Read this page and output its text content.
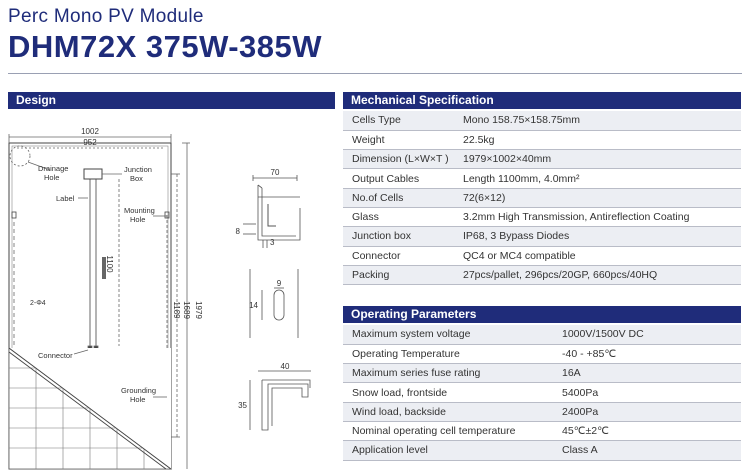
Perc Mono PV Module
DHM72X 375W-385W
Design	Mechanical Specification
Operating Parameters
Cells Type	Mono 158.75×158.75mm
Weight	22.5kg
Dimension (L×W×T )	1979×1002×40mm
Output Cables	Length 1100mm, 4.0mm²
No.of Cells	72(6×12)
Glass	3.2mm High Transmission, Antireflection Coating
Junction box	IP68, 3 Bypass Diodes
Connector	QC4 or MC4 compatible
Packing	27pcs/pallet, 296pcs/20GP, 660pcs/40HQ
Maximum system voltage	1000V/1500V DC
Operating Temperature	-40 - +85℃
Maximum series fuse rating	16A
Snow load, frontside	5400Pa
Wind load, backside	2400Pa
Nominal operating cell temperature	45℃±2℃
Application level	Class A
1002
952
1979
1689
1189
1100
2-Φ4
Drainage Hole
Junction Box
Label
Mounting Hole
Grounding Hole
Connector
70
8
3
9
14
40
35
